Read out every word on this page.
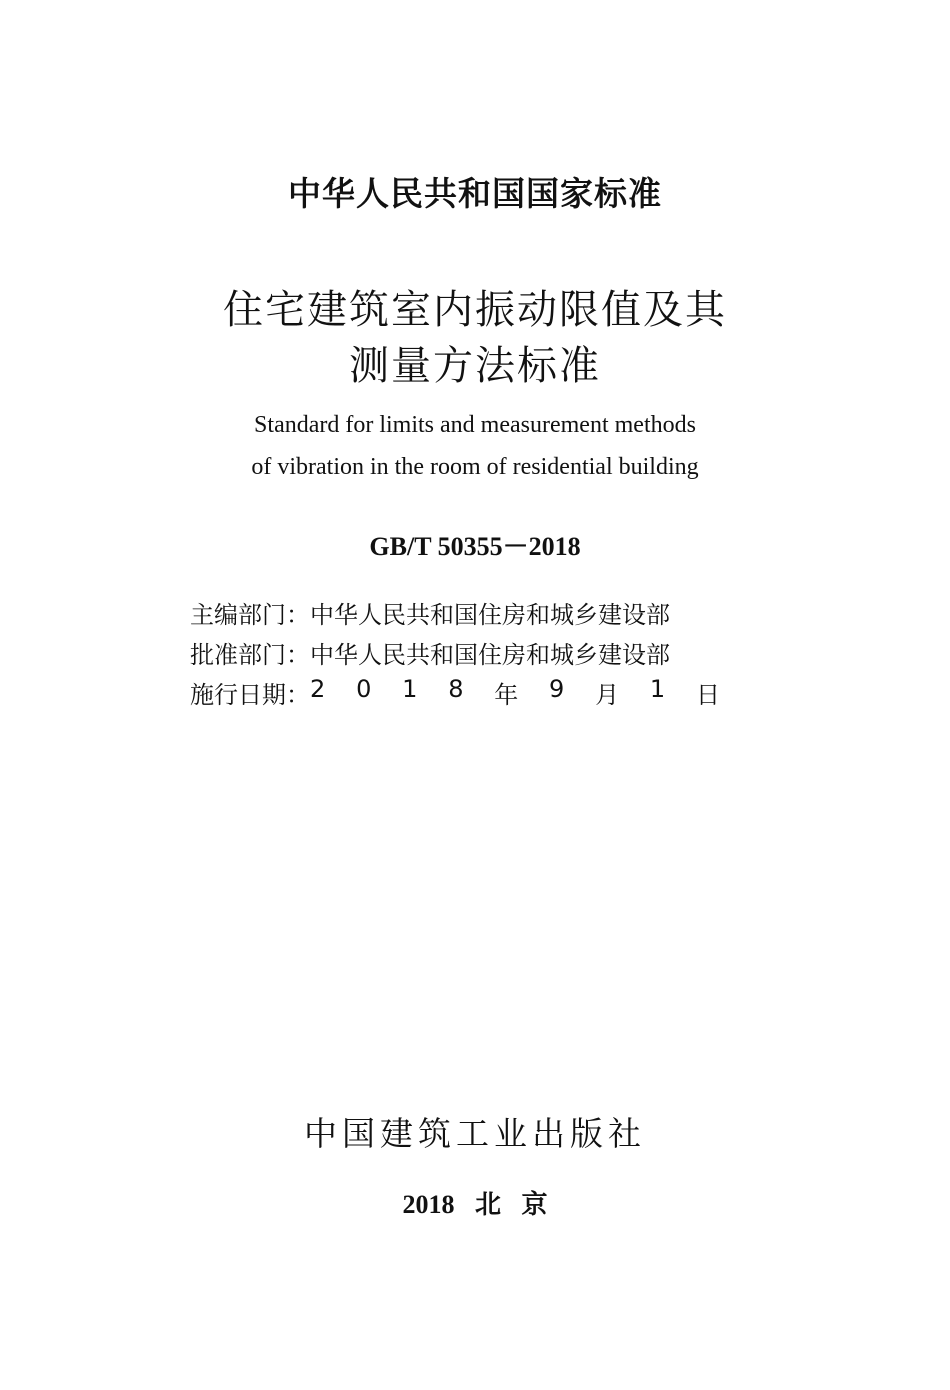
中华人民共和国国家标准
住宅建筑室内振动限值及其
测量方法标准
Standard for limits and measurement methods
of vibration in the room of residential building
GB/T 50355－2018
主编部门： 中华人民共和国住房和城乡建设部
批准部门： 中华人民共和国住房和城乡建设部
施行日期： 2 0 1 8 年 9 月 1 日
中国建筑工业出版社
2018 北 京
